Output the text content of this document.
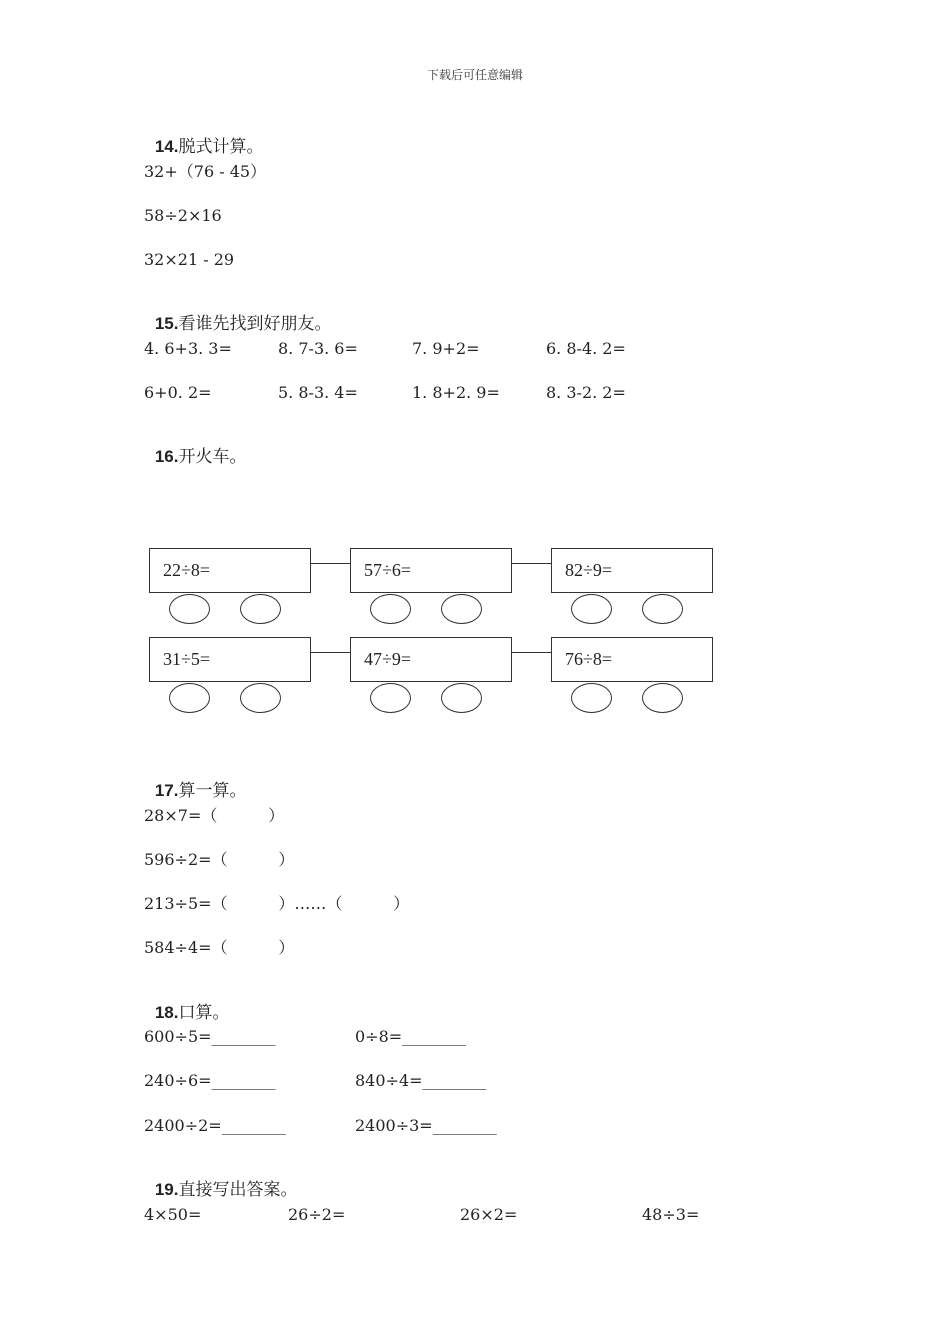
下载后可任意编辑

14.脱式计算。

32+（76 - 45）
58÷2×16
32×21 - 29

15.看谁先找到好朋友。

4. 6+3. 3=	8. 7-3. 6=	7. 9+2=	6. 8-4. 2=
6+0. 2=	5. 8-3. 4=	1. 8+2. 9=	8. 3-2. 2=

16.开火车。

22÷8=	57÷6=	82÷9=
31÷5=	47÷9=	76÷8=

17.算一算。

28×7=（          ）
596÷2=（          ）
213÷5=（          ）……（          ）
584÷4=（          ）

18.口算。

600÷5=________	0÷8=________
240÷6=________	840÷4=________
2400÷2=________	2400÷3=________

19.直接写出答案。

4×50=	26÷2=	26×2=	48÷3=
